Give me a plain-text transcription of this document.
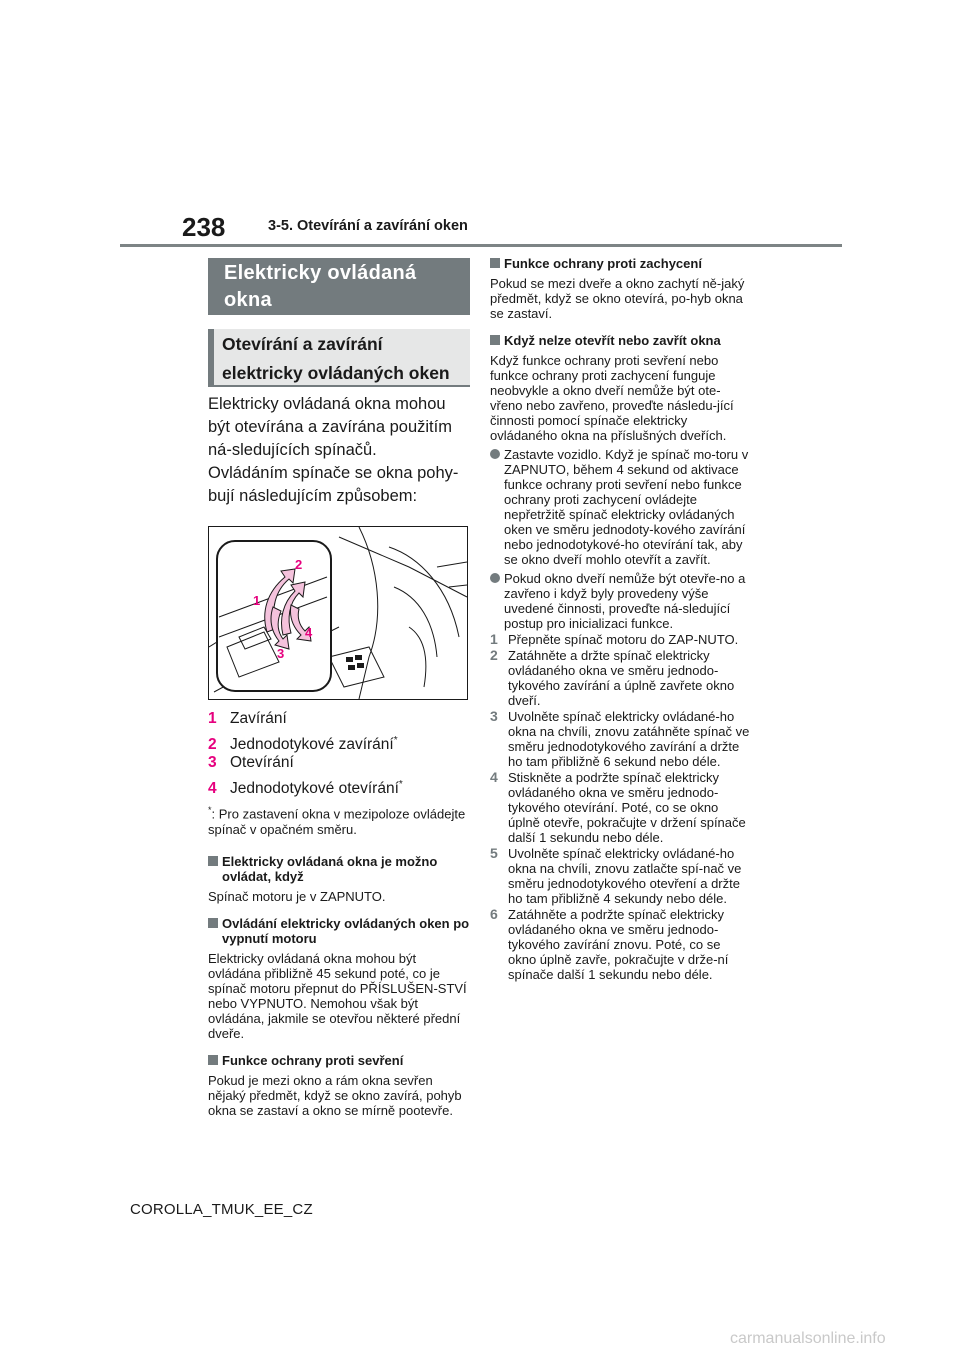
238	3-5. Otevírání a zavírání oken
Elektricky ovládaná okna
Otevírání a zavírání elektricky ovládaných oken

Elektricky ovládaná okna mohou být otevírána a zavírána použitím ná-sledujících spínačů.

Ovládáním spínače se okna pohy-bují následujícím způsobem:

1
2
3
4
1 Zavírání
2 Jednodotykové zavírání*
3 Otevírání
4 Jednodotykové otevírání*
*: Pro zastavení okna v mezipoloze ovládejte spínač v opačném směru.
Elektricky ovládaná okna je možno ovládat, když
Spínač motoru je v ZAPNUTO.
Ovládání elektricky ovládaných oken po vypnutí motoru
Elektricky ovládaná okna mohou být ovládána přibližně 45 sekund poté, co je spínač motoru přepnut do PŘÍSLUŠEN-STVÍ nebo VYPNUTO. Nemohou však být ovládána, jakmile se otevřou některé přední dveře.
Funkce ochrany proti sevření
Pokud je mezi okno a rám okna sevřen nějaký předmět, když se okno zavírá, pohyb okna se zastaví a okno se mírně pootevře.
Funkce ochrany proti zachycení
Pokud se mezi dveře a okno zachytí ně-jaký předmět, když se okno otevírá, po-hyb okna se zastaví.
Když nelze otevřít nebo zavřít okna
Když funkce ochrany proti sevření nebo funkce ochrany proti zachycení funguje neobvykle a okno dveří nemůže být ote-vřeno nebo zavřeno, proveďte následu-jící činnosti pomocí spínače elektricky ovládaného okna na příslušných dveřích.
Zastavte vozidlo. Když je spínač mo-toru v ZAPNUTO, během 4 sekund od aktivace funkce ochrany proti sevření nebo funkce ochrany proti zachycení ovládejte nepřetržitě spínač elektricky ovládaných oken ve směru jednodoty-kového zavírání nebo jednodotykové-ho otevírání tak, aby se okno dveří mohlo otevřít a zavřít.
Pokud okno dveří nemůže být otevře-no a zavřeno i když byly provedeny výše uvedené činnosti, proveďte ná-sledující postup pro inicializaci funkce.
1 Přepněte spínač motoru do ZAP-NUTO.
2 Zatáhněte a držte spínač elektricky ovládaného okna ve směru jednodo-tykového zavírání a úplně zavřete okno dveří.
3 Uvolněte spínač elektricky ovládané-ho okna na chvíli, znovu zatáhněte spínač ve směru jednodotykového zavírání a držte ho tam přibližně 6 sekund nebo déle.
4 Stiskněte a podržte spínač elektricky ovládaného okna ve směru jednodo-tykového otevírání. Poté, co se okno úplně otevře, pokračujte v držení spínače další 1 sekundu nebo déle.
5 Uvolněte spínač elektricky ovládané-ho okna na chvíli, znovu zatlačte spí-nač ve směru jednodotykového otevření a držte ho tam přibližně 4 sekundy nebo déle.
6 Zatáhněte a podržte spínač elektricky ovládaného okna ve směru jednodo-tykového zavírání znovu. Poté, co se okno úplně zavře, pokračujte v drže-ní spínače další 1 sekundu nebo déle.
COROLLA_TMUK_EE_CZ
carmanualsonline.info
